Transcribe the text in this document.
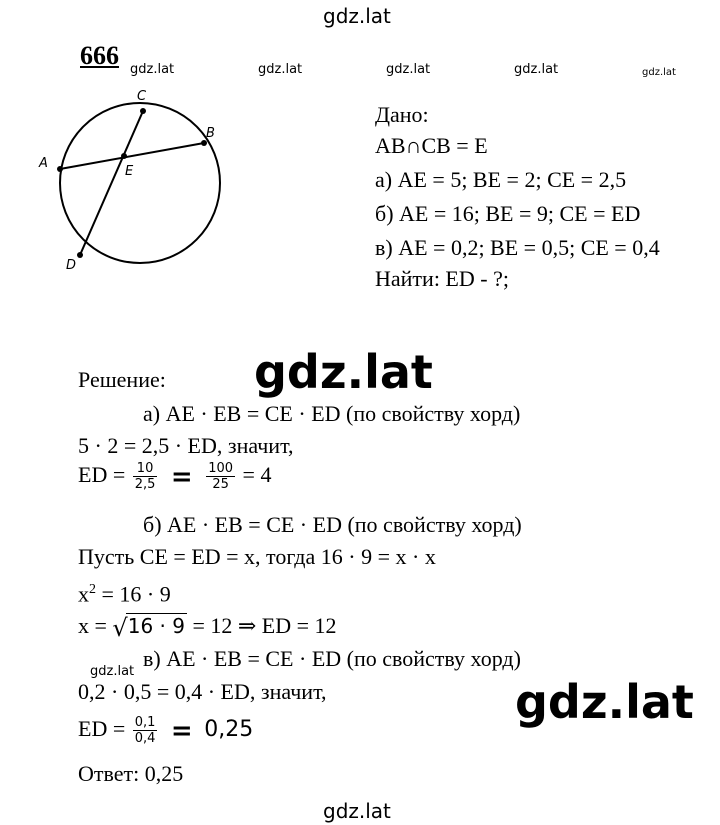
gdz.lat
gdz.lat	gdz.lat	gdz.lat	gdz.lat	gdz.lat
666
C
B
A
E
D
Дано:
AB∩CB = E
а) AE = 5; BE = 2; CE = 2,5
б) AE = 16; BE = 9; CE = ED
в) AE = 0,2; BE = 0,5; CE = 0,4
Найти: ED - ?;
gdz.lat
Решение:
а) AE · EB = CE · ED (по свойству хорд)
5 · 2 = 2,5 · ED, значит,
ED = $\frac{10}{2,5} = \frac{100}{25} = 4$
б) AE · EB = CE · ED (по свойству хорд)
Пусть CE = ED = x, тогда 16 · 9 = x · x
$x^2 = 16 \cdot 9$
x = √16 · 9 = 12 ⇒ ED = 12
gdz.lat
в) AE · EB = CE · ED (по свойству хорд)
0,2 · 0,5 = 0,4 · ED, значит,	gdz.lat
ED = $\frac{0,1}{0,4} = 0,25$
Ответ: 0,25
gdz.lat
